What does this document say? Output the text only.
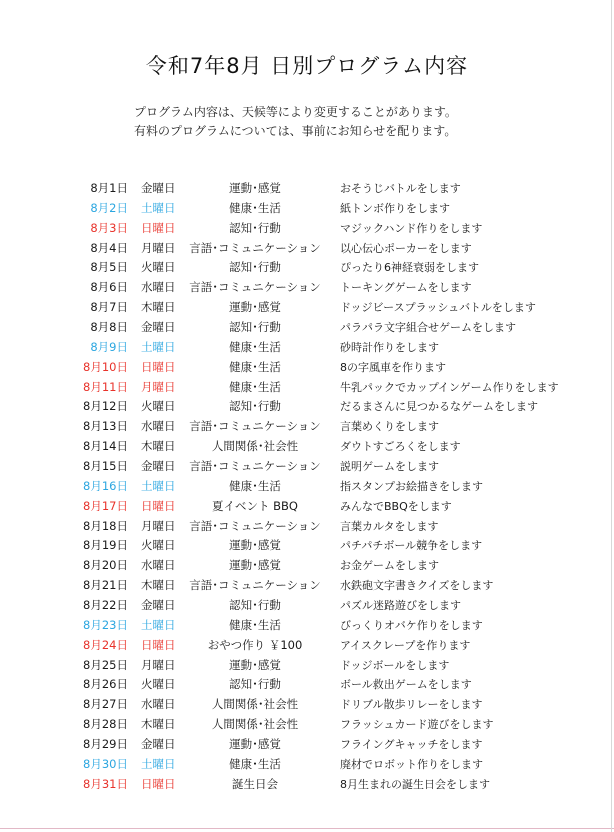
令和7年8月 日別プログラム内容
プログラム内容は、天候等により変更することがあります。
有料のプログラムについては、事前にお知らせを配ります。
8月1日 金曜日	運動･感覚	おそうじバトルをします
8月2日 土曜日	健康･生活	紙トンボ作りをします
8月3日 日曜日	認知･行動	マジックハンド作りをします
8月4日 月曜日	言語･コミュニケーション	以心伝心ポーカーをします
8月5日 火曜日	認知･行動	ぴったり6神経衰弱をします
8月6日 水曜日	言語･コミュニケーション	トーキングゲームをします
8月7日 木曜日	運動･感覚	ドッジビースプラッシュバトルをします
8月8日 金曜日	認知･行動	パラパラ文字組合せゲームをします
8月9日 土曜日	健康･生活	砂時計作りをします
8月10日 日曜日	健康･生活	8の字風車を作ります
8月11日 月曜日	健康･生活	牛乳パックでカップインゲーム作りをします
8月12日 火曜日	認知･行動	だるまさんに見つかるなゲームをします
8月13日 水曜日	言語･コミュニケーション	言葉めくりをします
8月14日 木曜日	人間関係･社会性	ダウトすごろくをします
8月15日 金曜日	言語･コミュニケーション	説明ゲームをします
8月16日 土曜日	健康･生活	指スタンプお絵描きをします
8月17日 日曜日	夏イベント BBQ	みんなでBBQをします
8月18日 月曜日	言語･コミュニケーション	言葉カルタをします
8月19日 火曜日	運動･感覚	パチパチボール競争をします
8月20日 水曜日	運動･感覚	お金ゲームをします
8月21日 木曜日	言語･コミュニケーション	水鉄砲文字書きクイズをします
8月22日 金曜日	認知･行動	パズル迷路遊びをします
8月23日 土曜日	健康･生活	びっくりオバケ作りをします
8月24日 日曜日	おやつ作り ￥100	アイスクレープを作ります
8月25日 月曜日	運動･感覚	ドッジボールをします
8月26日 火曜日	認知･行動	ボール救出ゲームをします
8月27日 水曜日	人間関係･社会性	ドリブル散歩リレーをします
8月28日 木曜日	人間関係･社会性	フラッシュカード遊びをします
8月29日 金曜日	運動･感覚	フライングキャッチをします
8月30日 土曜日	健康･生活	廃材でロボット作りをします
8月31日 日曜日	誕生日会	8月生まれの誕生日会をします
